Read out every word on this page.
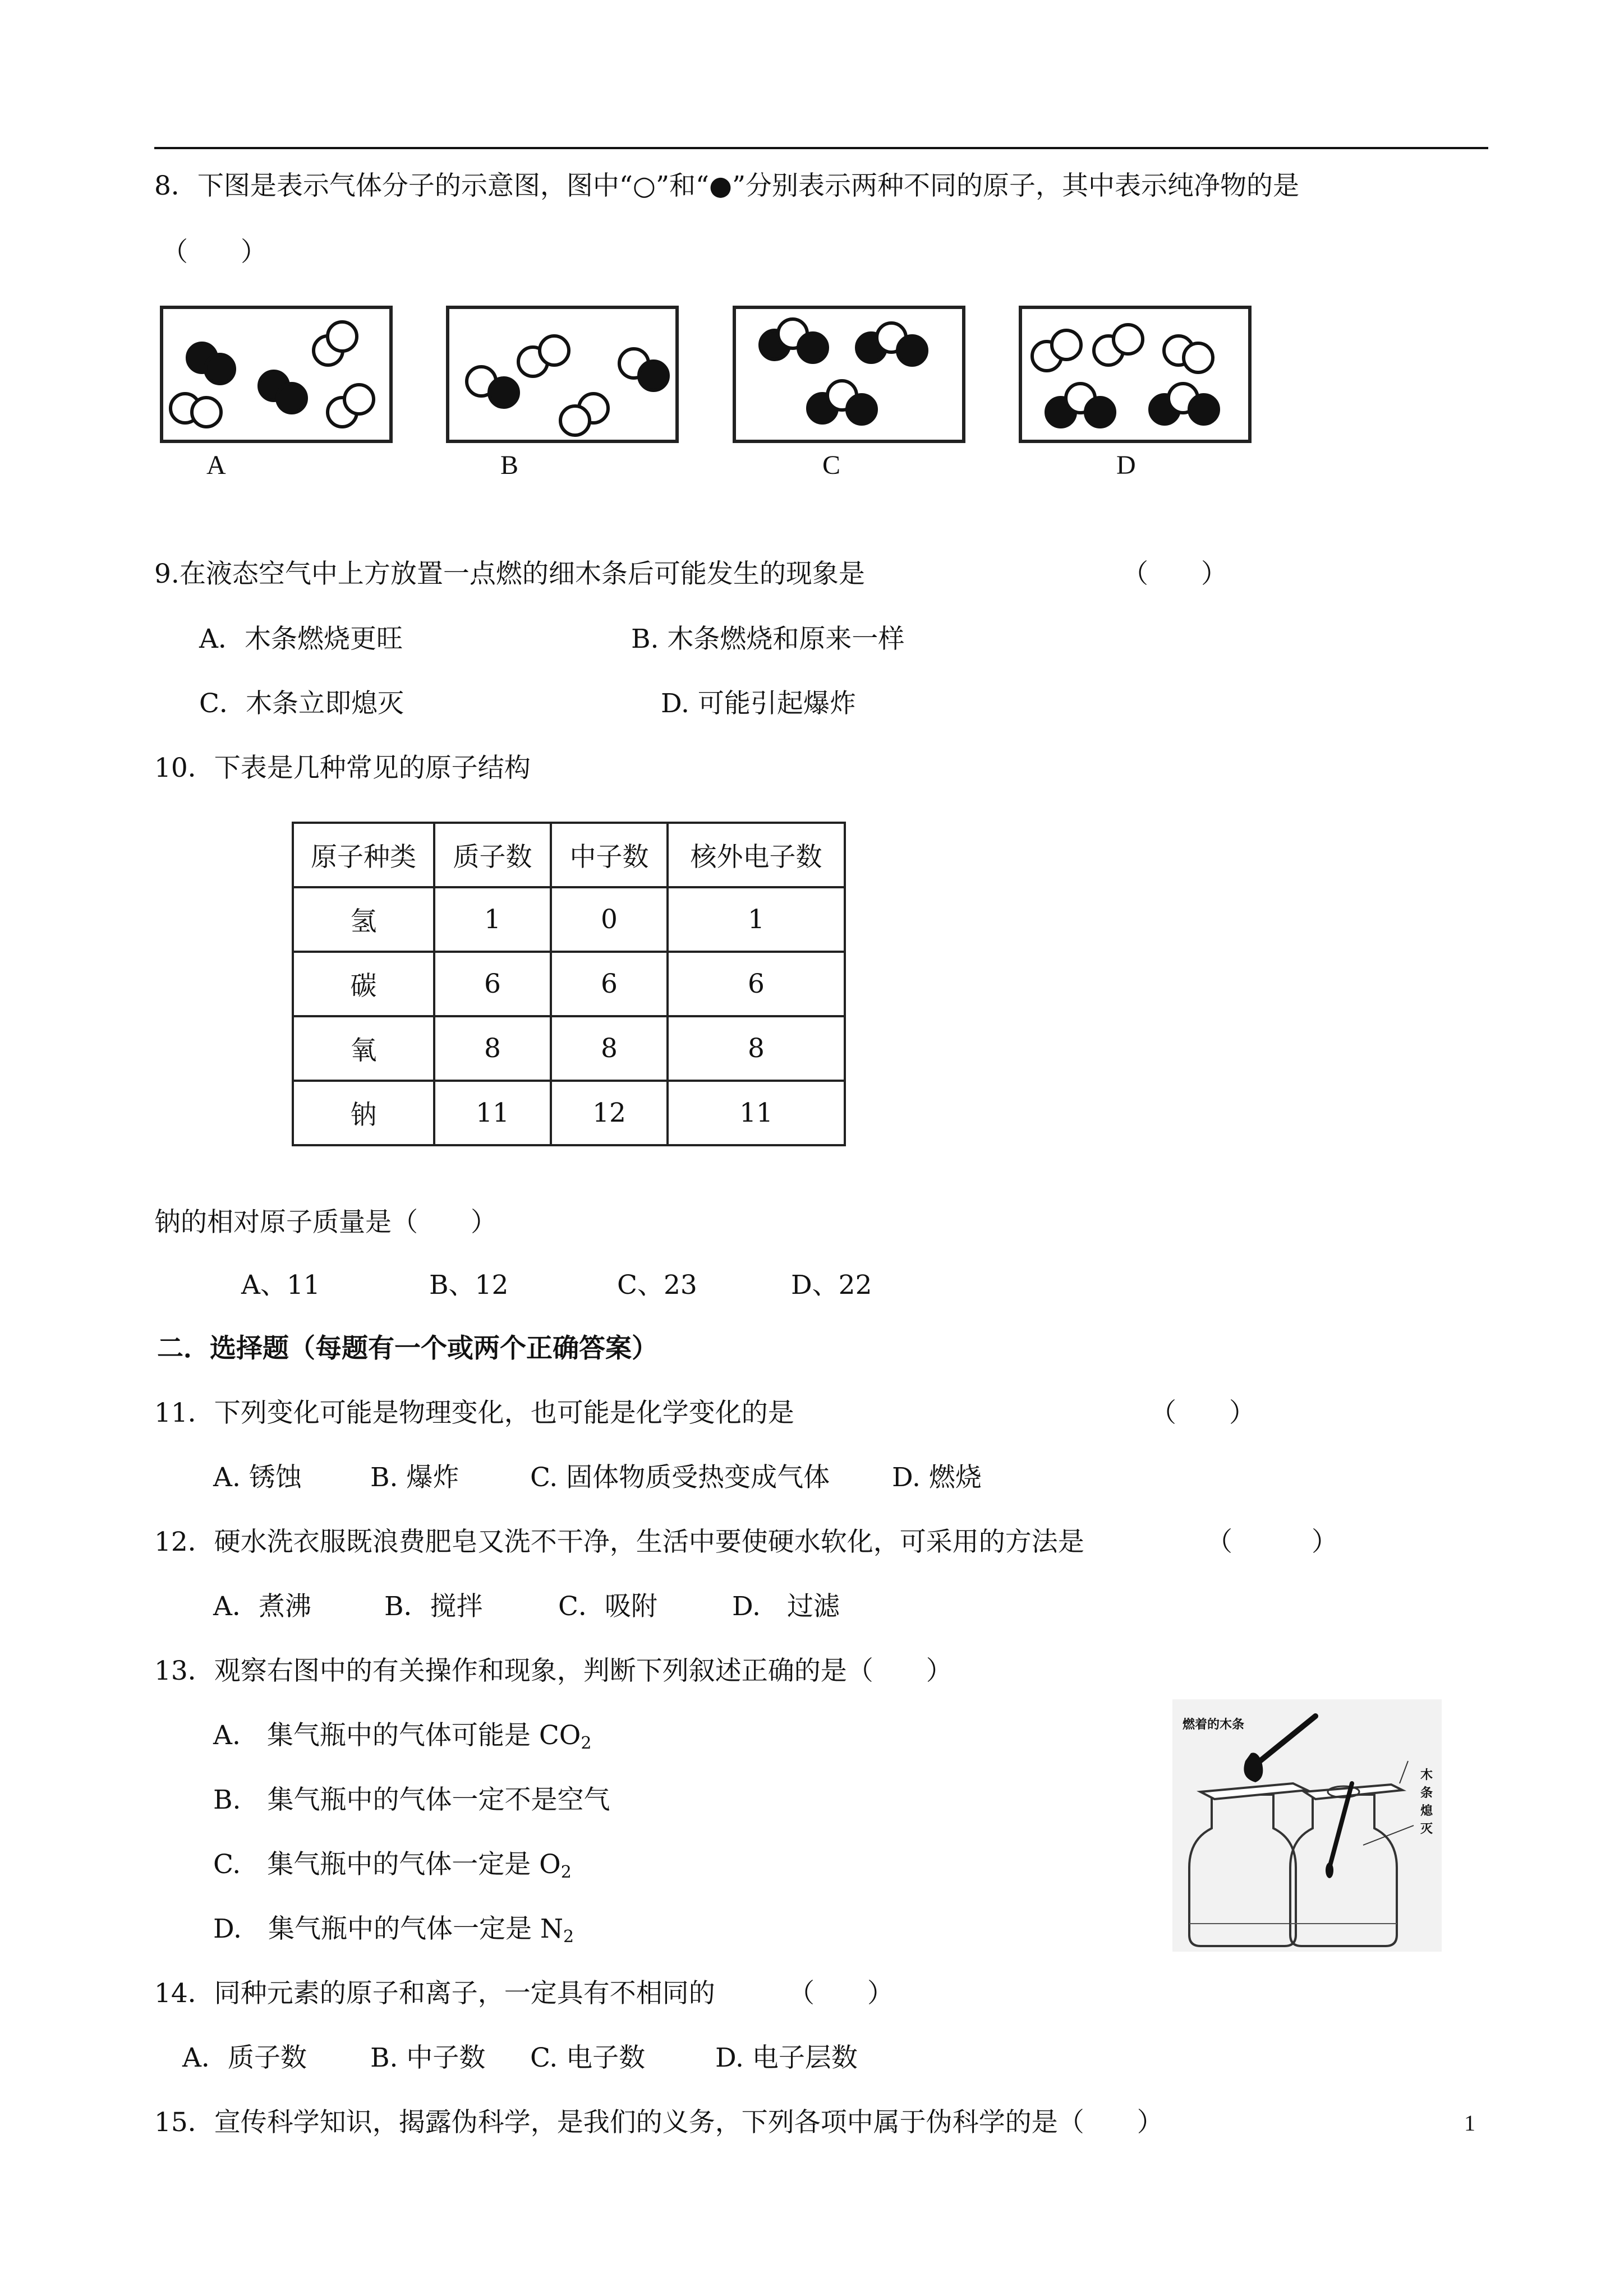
8．下图是表示气体分子的示意图，图中“○”和“●”分别表示两种不同的原子，其中表示纯净物的是
（　　）
A	B	C	D
9.在液态空气中上方放置一点燃的细木条后可能发生的现象是	（　　）
A．木条燃烧更旺	B. 木条燃烧和原来一样
C．木条立即熄灭	D. 可能引起爆炸
10．下表是几种常见的原子结构
原子种类	质子数	中子数	核外电子数
氢	1	0	1
碳	6	6	6
氧	8	8	8
钠	11	12	11
钠的相对原子质量是（　　）
A、11	B、12	C、23	D、22
二．选择题（每题有一个或两个正确答案）
11．下列变化可能是物理变化，也可能是化学变化的是	（　　）
A. 锈蚀	B. 爆炸	C. 固体物质受热变成气体 D. 燃烧
12．硬水洗衣服既浪费肥皂又洗不干净，生活中要使硬水软化，可采用的方法是	（　　　）
A．煮沸	B．搅拌	C．吸附	D.　过滤
13．观察右图中的有关操作和现象，判断下列叙述正确的是（　　）
A.　集气瓶中的气体可能是 $CO_2$
B.　集气瓶中的气体一定不是空气
C.　集气瓶中的气体一定是 $O_2$
D.　集气瓶中的气体一定是 $N_2$
燃着的木条
木
条
熄
灭
14．同种元素的原子和离子，一定具有不相同的	（　　）
A．质子数 B. 中子数 C. 电子数	D. 电子层数
15．宣传科学知识，揭露伪科学，是我们的义务，下列各项中属于伪科学的是（　　）	1
